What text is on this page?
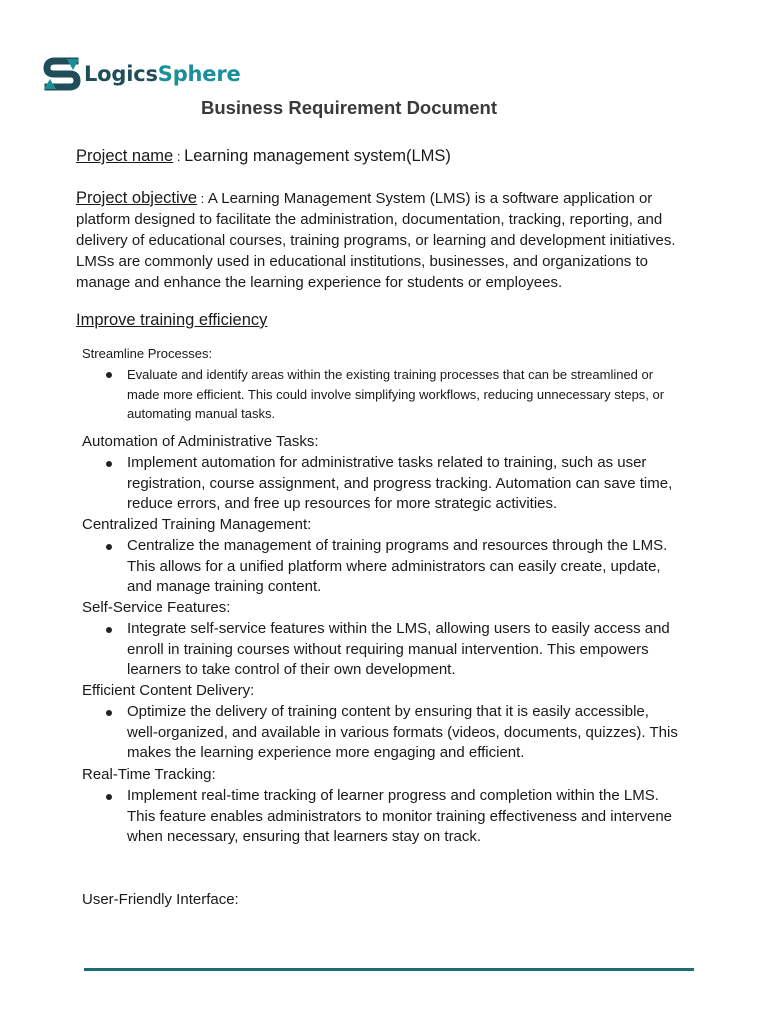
LogicsSphere
Business Requirement Document
Project name : Learning management system(LMS)
Project objective : A Learning Management System (LMS) is a software application or platform designed to facilitate the administration, documentation, tracking, reporting, and delivery of educational courses, training programs, or learning and development initiatives. LMSs are commonly used in educational institutions, businesses, and organizations to manage and enhance the learning experience for students or employees.
Improve training efficiency
Streamline Processes:
Evaluate and identify areas within the existing training processes that can be streamlined or made more efficient. This could involve simplifying workflows, reducing unnecessary steps, or automating manual tasks.
Automation of Administrative Tasks:
Implement automation for administrative tasks related to training, such as user registration, course assignment, and progress tracking. Automation can save time, reduce errors, and free up resources for more strategic activities.
Centralized Training Management:
Centralize the management of training programs and resources through the LMS. This allows for a unified platform where administrators can easily create, update, and manage training content.
Self-Service Features:
Integrate self-service features within the LMS, allowing users to easily access and enroll in training courses without requiring manual intervention. This empowers learners to take control of their own development.
Efficient Content Delivery:
Optimize the delivery of training content by ensuring that it is easily accessible, well-organized, and available in various formats (videos, documents, quizzes). This makes the learning experience more engaging and efficient.
Real-Time Tracking:
Implement real-time tracking of learner progress and completion within the LMS. This feature enables administrators to monitor training effectiveness and intervene when necessary, ensuring that learners stay on track.
User-Friendly Interface:
